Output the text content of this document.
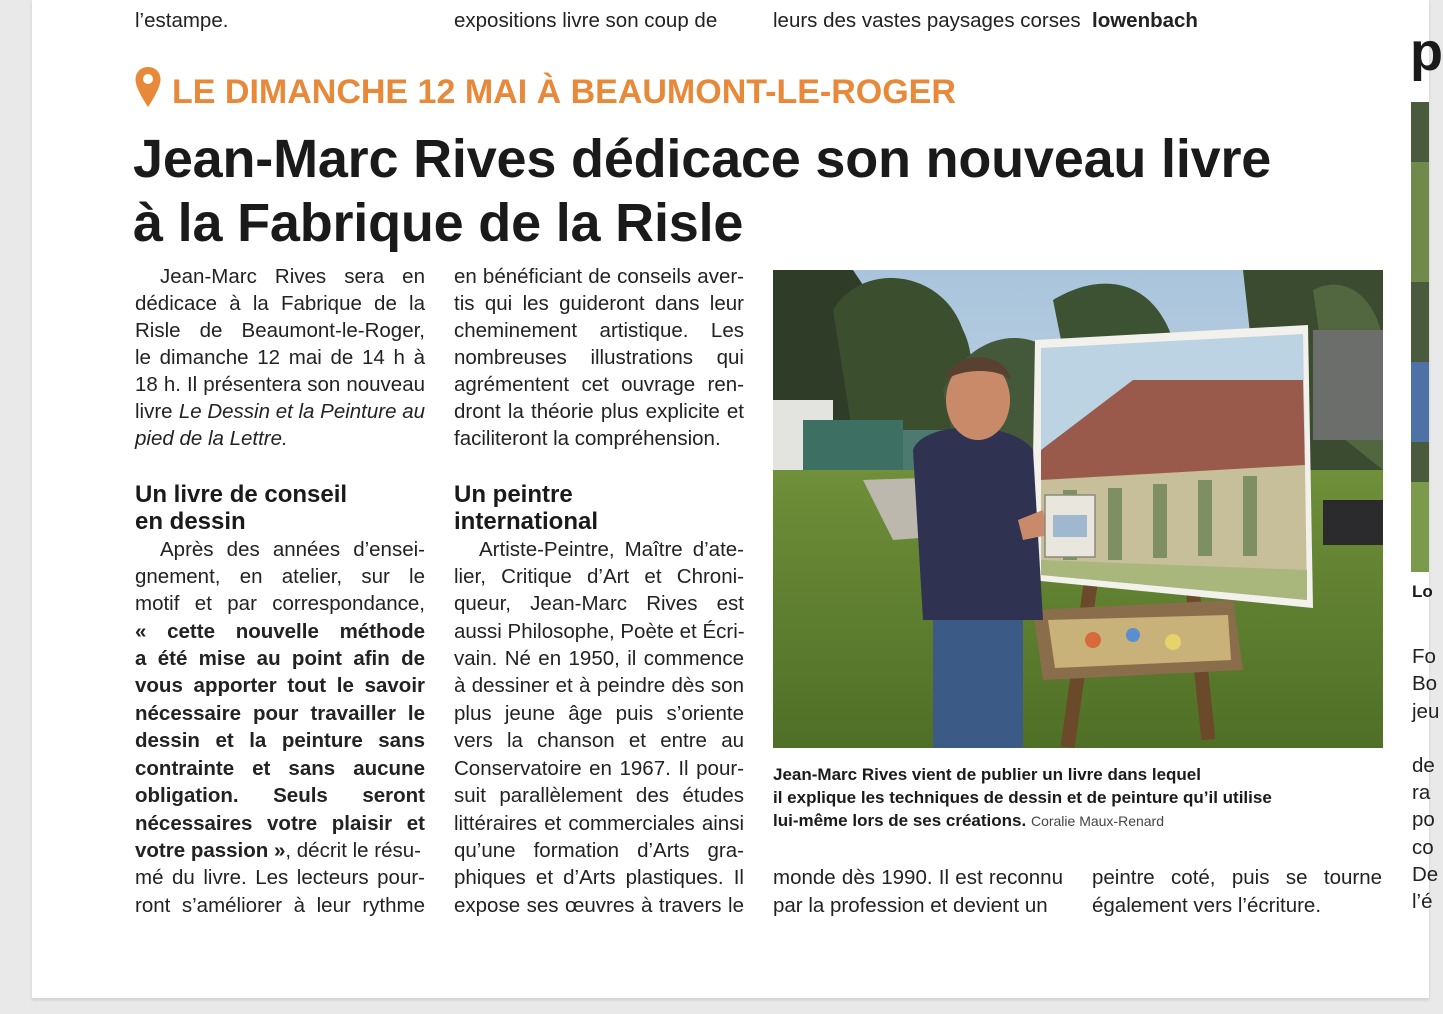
l’estampe.	expositions livre son coup de	leurs des vastes paysages corses lowenbach
LE DIMANCHE 12 MAI À BEAUMONT-LE-ROGER
Jean-Marc Rives dédicace son nouveau livre
à la Fabrique de la Risle
Jean-Marc Rives sera en
dédicace à la Fabrique de la
Risle de Beaumont-le-Roger,
le dimanche 12 mai de 14 h à
18 h. Il présentera son nouveau
livre Le Dessin et la Peinture au
pied de la Lettre.
Un livre de conseil
en dessin
Après des années d’ensei-
gnement, en atelier, sur le
motif et par correspondance,
« cette nouvelle méthode
a été mise au point afin de
vous apporter tout le savoir
nécessaire pour travailler le
dessin et la peinture sans
contrainte et sans aucune
obligation. Seuls seront
nécessaires votre plaisir et
votre passion », décrit le résu-
mé du livre. Les lecteurs pour-
ront s’améliorer à leur rythme
en bénéficiant de conseils aver-
tis qui les guideront dans leur
cheminement artistique. Les
nombreuses illustrations qui
agrémentent cet ouvrage ren-
dront la théorie plus explicite et
faciliteront la compréhension.
Un peintre
international
Artiste-Peintre, Maître d’ate-
lier, Critique d’Art et Chroni-
queur, Jean-Marc Rives est
aussi Philosophe, Poète et Écri-
vain. Né en 1950, il commence
à dessiner et à peindre dès son
plus jeune âge puis s’oriente
vers la chanson et entre au
Conservatoire en 1967. Il pour-
suit parallèlement des études
littéraires et commerciales ainsi
qu’une formation d’Arts gra-
phiques et d’Arts plastiques. Il
expose ses œuvres à travers le
Jean-Marc Rives vient de publier un livre dans lequel
il explique les techniques de dessin et de peinture qu’il utilise
lui-même lors de ses créations. Coralie Maux-Renard
monde dès 1990. Il est reconnu
par la profession et devient un
peintre coté, puis se tourne
également vers l’écriture.
p
Lo
Fo
Bo
jeu
de
ra
po
co
De
l’é
